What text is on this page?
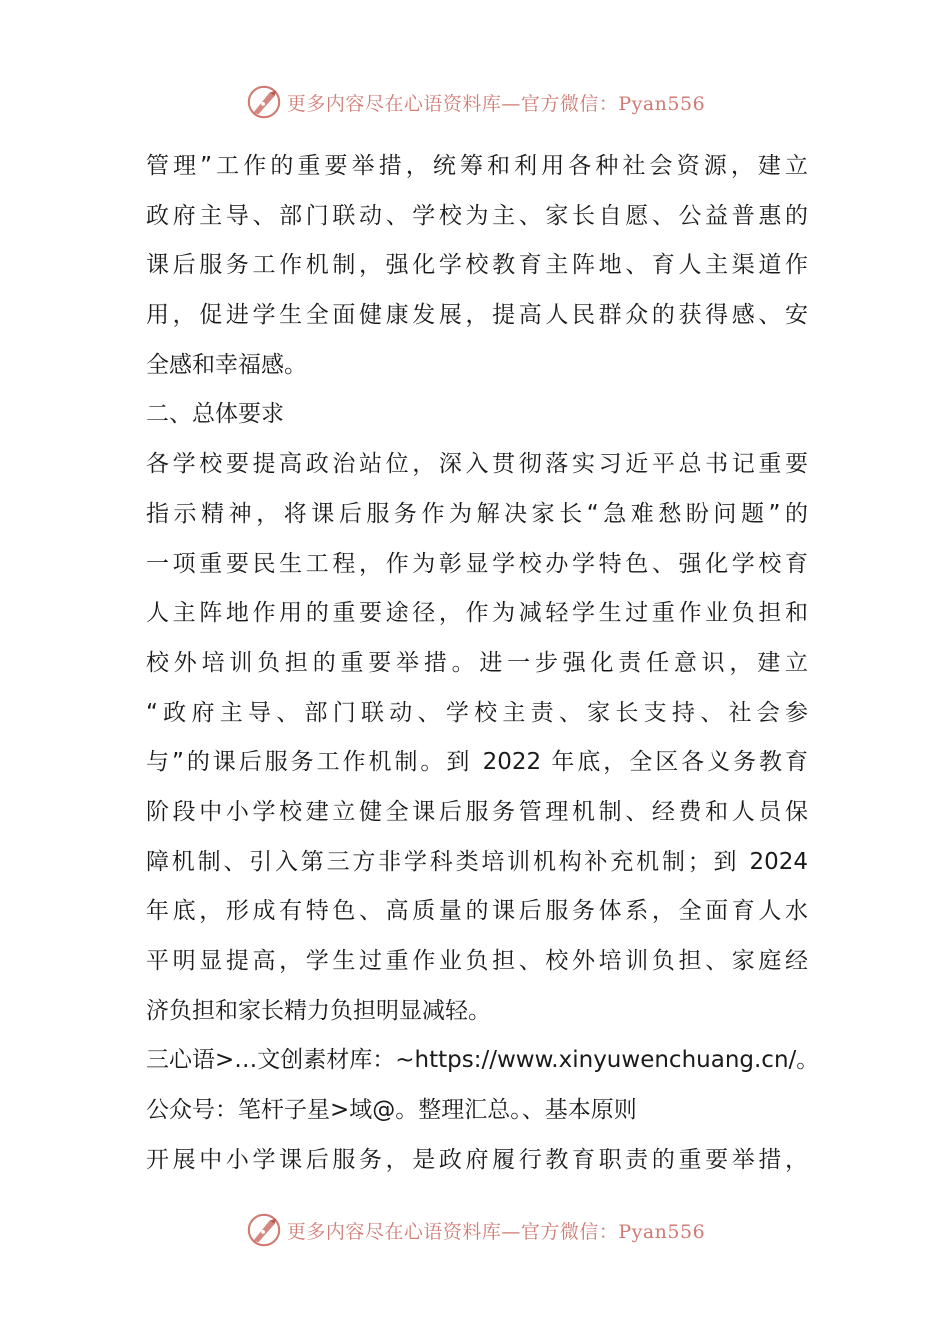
更多内容尽在心语资料库—官方微信：Pyan556
管理”工作的重要举措，统筹和利用各种社会资源，建立
政府主导、部门联动、学校为主、家长自愿、公益普惠的
课后服务工作机制，强化学校教育主阵地、育人主渠道作
用，促进学生全面健康发展，提高人民群众的获得感、安
全感和幸福感。
二、总体要求
各学校要提高政治站位，深入贯彻落实习近平总书记重要
指示精神，将课后服务作为解决家长“急难愁盼问题”的
一项重要民生工程，作为彰显学校办学特色、强化学校育
人主阵地作用的重要途径，作为减轻学生过重作业负担和
校外培训负担的重要举措。进一步强化责任意识，建立
“政府主导、部门联动、学校主责、家长支持、社会参
与”的课后服务工作机制。到 2022 年底，全区各义务教育
阶段中小学校建立健全课后服务管理机制、经费和人员保
障机制、引入第三方非学科类培训机构补充机制；到 2024
年底，形成有特色、高质量的课后服务体系，全面育人水
平明显提高，学生过重作业负担、校外培训负担、家庭经
济负担和家长精力负担明显减轻。
三心语>…文创素材库：~https://www.xinyuwenchuang.cn/。
公众号：笔杆子星>域@。整理汇总。、基本原则
开展中小学课后服务，是政府履行教育职责的重要举措，
更多内容尽在心语资料库—官方微信：Pyan556
